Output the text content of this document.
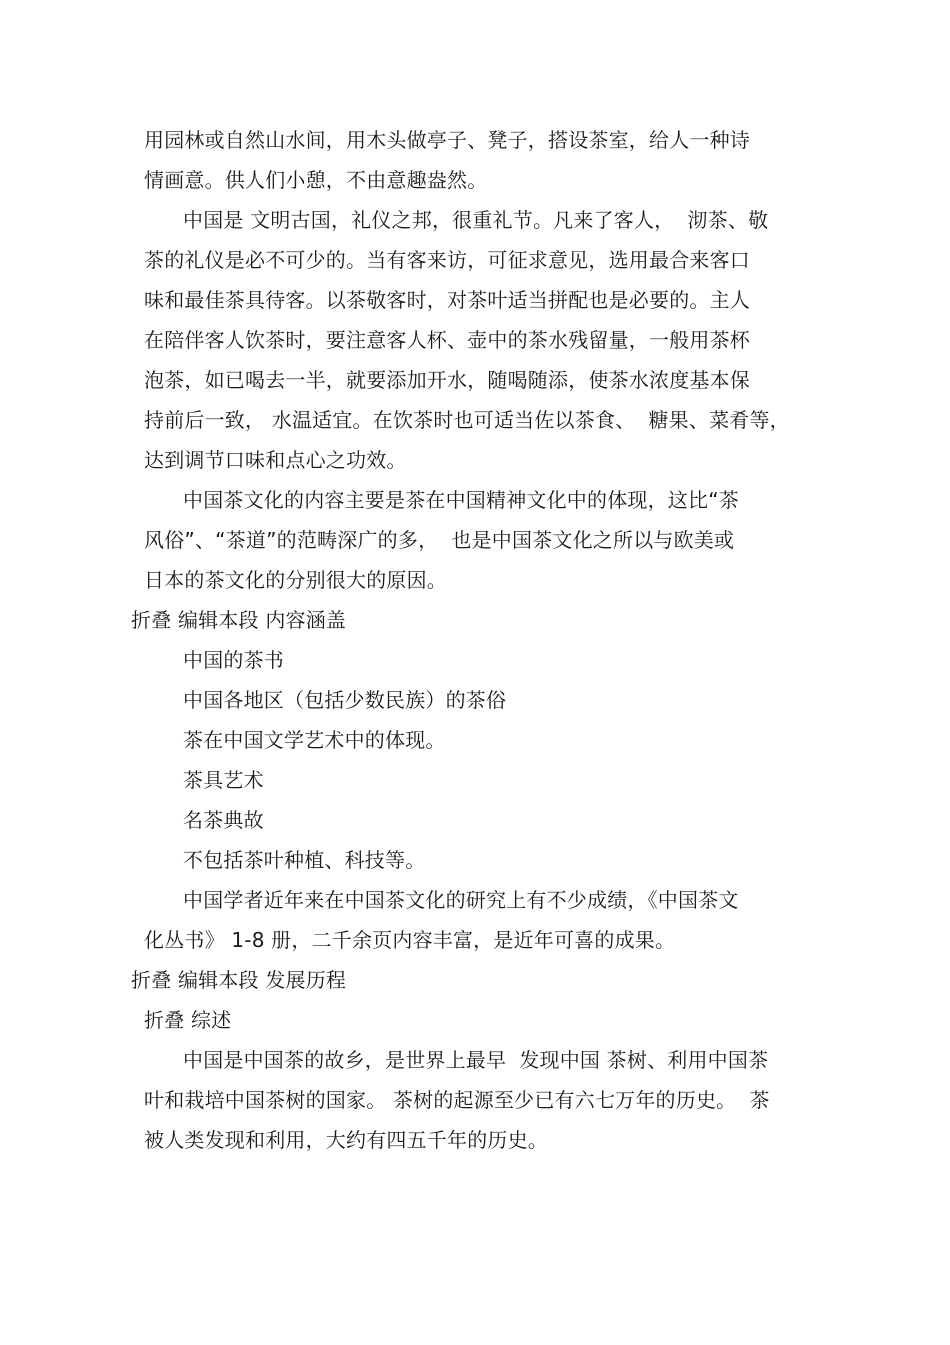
用园林或自然山水间，用木头做亭子、凳子，搭设茶室，给人一种诗

情画意。供人们小憩，不由意趣盎然。

中国是 文明古国，礼仪之邦，很重礼节。凡来了客人，  沏茶、敬

茶的礼仪是必不可少的。当有客来访，可征求意见，选用最合来客口

味和最佳茶具待客。以茶敬客时，对茶叶适当拼配也是必要的。主人

在陪伴客人饮茶时，要注意客人杯、壶中的茶水残留量，一般用茶杯

泡茶，如已喝去一半，就要添加开水，随喝随添，使茶水浓度基本保

持前后一致， 水温适宜。在饮茶时也可适当佐以茶食、  糖果、菜肴等，

达到调节口味和点心之功效。

中国茶文化的内容主要是茶在中国精神文化中的体现，这比“茶

风俗”、“茶道”的范畴深广的多，  也是中国茶文化之所以与欧美或

日本的茶文化的分别很大的原因。

折叠 编辑本段 内容涵盖

中国的茶书

中国各地区（包括少数民族）的茶俗

茶在中国文学艺术中的体现。

茶具艺术

名茶典故

不包括茶叶种植、科技等。

中国学者近年来在中国茶文化的研究上有不少成绩，《中国茶文

化丛书》 1-8 册，二千余页内容丰富，是近年可喜的成果。

折叠 编辑本段 发展历程

折叠 综述

中国是中国茶的故乡，是世界上最早  发现中国 茶树、利用中国茶

叶和栽培中国茶树的国家。 茶树的起源至少已有六七万年的历史。  茶

被人类发现和利用，大约有四五千年的历史。
